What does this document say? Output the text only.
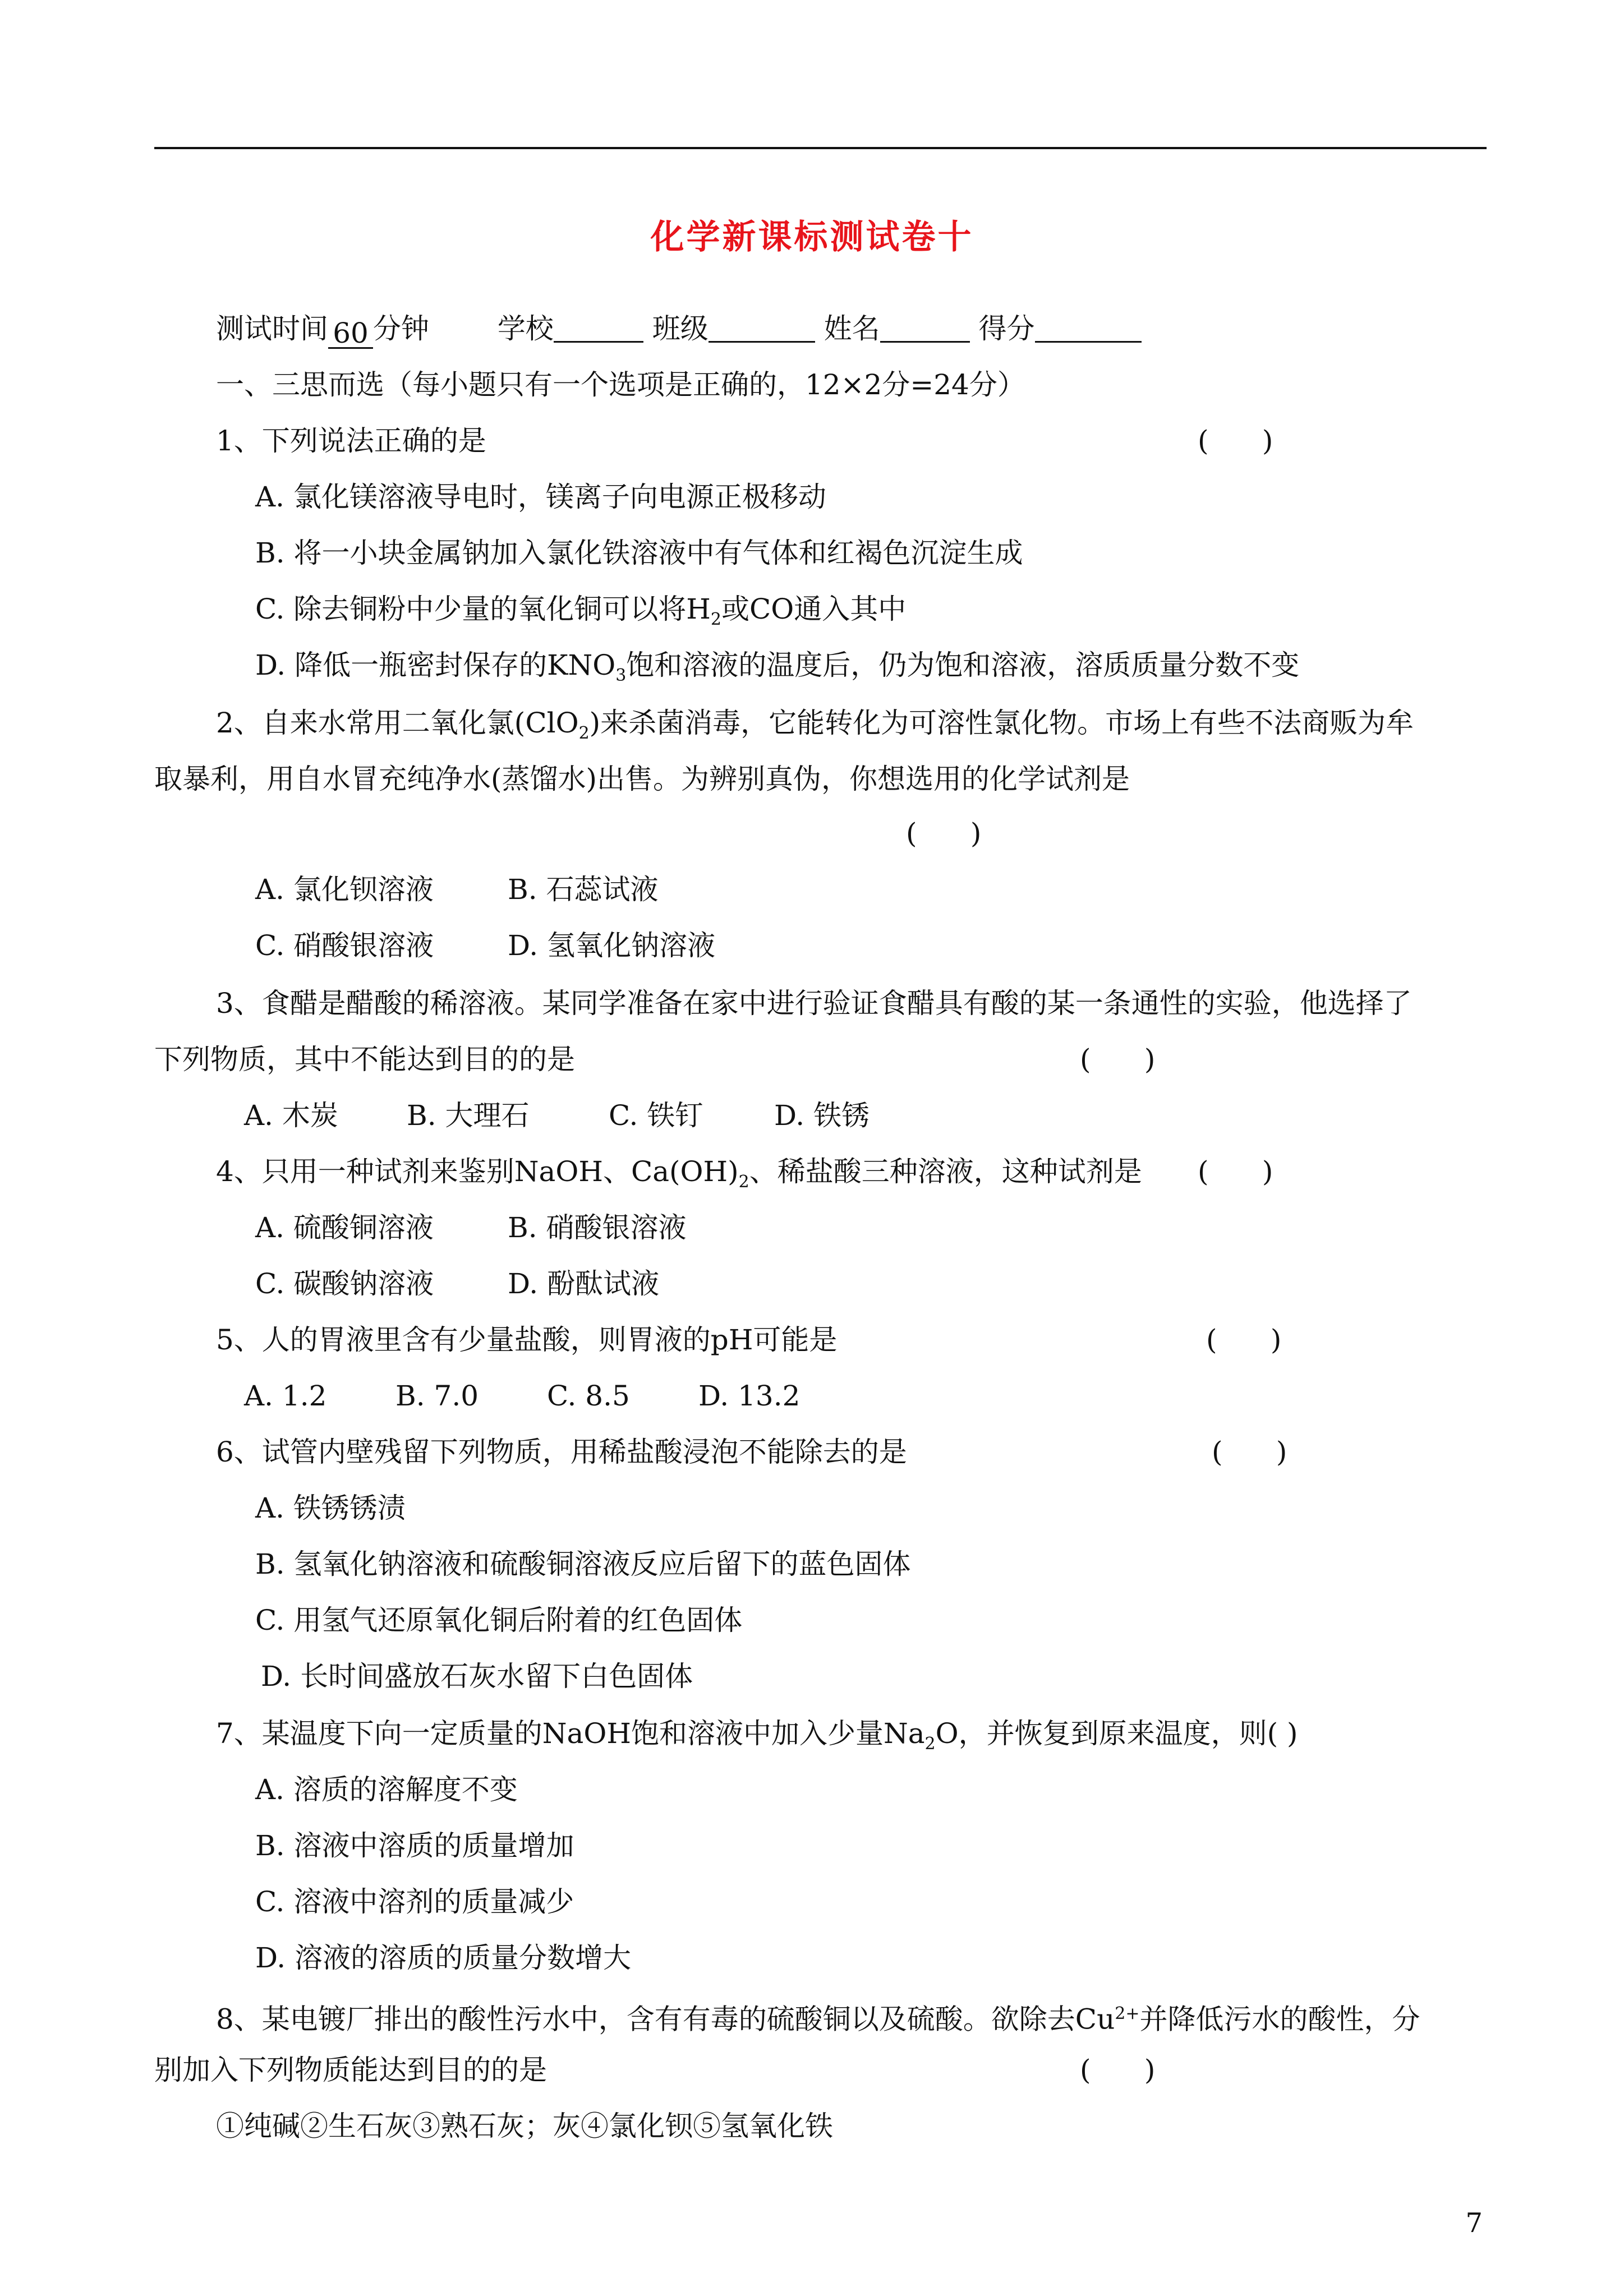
化学新课标测试卷十
测试时间 60 分钟 学校	班级	姓名	得分
一、三思而选（每小题只有一个选项是正确的，12×2分=24分）
1、下列说法正确的是	(      )
A. 氯化镁溶液导电时，镁离子向电源正极移动
B. 将一小块金属钠加入氯化铁溶液中有气体和红褐色沉淀生成
C. 除去铜粉中少量的氧化铜可以将$H_2$或CO通入其中
D. 降低一瓶密封保存的$KNO_3$饱和溶液的温度后，仍为饱和溶液，溶质质量分数不变
2、自来水常用二氧化氯(ClO$_2$)来杀菌消毒，它能转化为可溶性氯化物。市场上有些不法商贩为牟
取暴利，用自水冒充纯净水(蒸馏水)出售。为辨别真伪，你想选用的化学试剂是
(      )
A. 氯化钡溶液	B. 石蕊试液
C. 硝酸银溶液	D. 氢氧化钠溶液
3、食醋是醋酸的稀溶液。某同学准备在家中进行验证食醋具有酸的某一条通性的实验，他选择了
下列物质，其中不能达到目的的是	(      )
A. 木炭 B. 大理石	C. 铁钉	D. 铁锈
4、只用一种试剂来鉴别NaOH、$Ca(OH)_2$、稀盐酸三种溶液，这种试剂是 (      )
A. 硫酸铜溶液	B. 硝酸银溶液
C. 碳酸钠溶液	D. 酚酞试液
5、人的胃液里含有少量盐酸，则胃液的pH可能是	(      )
A. 1.2 B. 7.0 C. 8.5 D. 13.2
6、试管内壁残留下列物质，用稀盐酸浸泡不能除去的是	(      )
A. 铁锈锈渍
B. 氢氧化钠溶液和硫酸铜溶液反应后留下的蓝色固体
C. 用氢气还原氧化铜后附着的红色固体
D. 长时间盛放石灰水留下白色固体
7、某温度下向一定质量的NaOH饱和溶液中加入少量$Na_2O$，并恢复到原来温度，则( )
A. 溶质的溶解度不变
B. 溶液中溶质的质量增加
C. 溶液中溶剂的质量减少
D. 溶液的溶质的质量分数增大
8、某电镀厂排出的酸性污水中，含有有毒的硫酸铜以及硫酸。欲除去$Cu^{2+}$并降低污水的酸性，分
别加入下列物质能达到目的的是	(      )
①纯碱②生石灰③熟石灰；灰④氯化钡⑤氢氧化铁
7
